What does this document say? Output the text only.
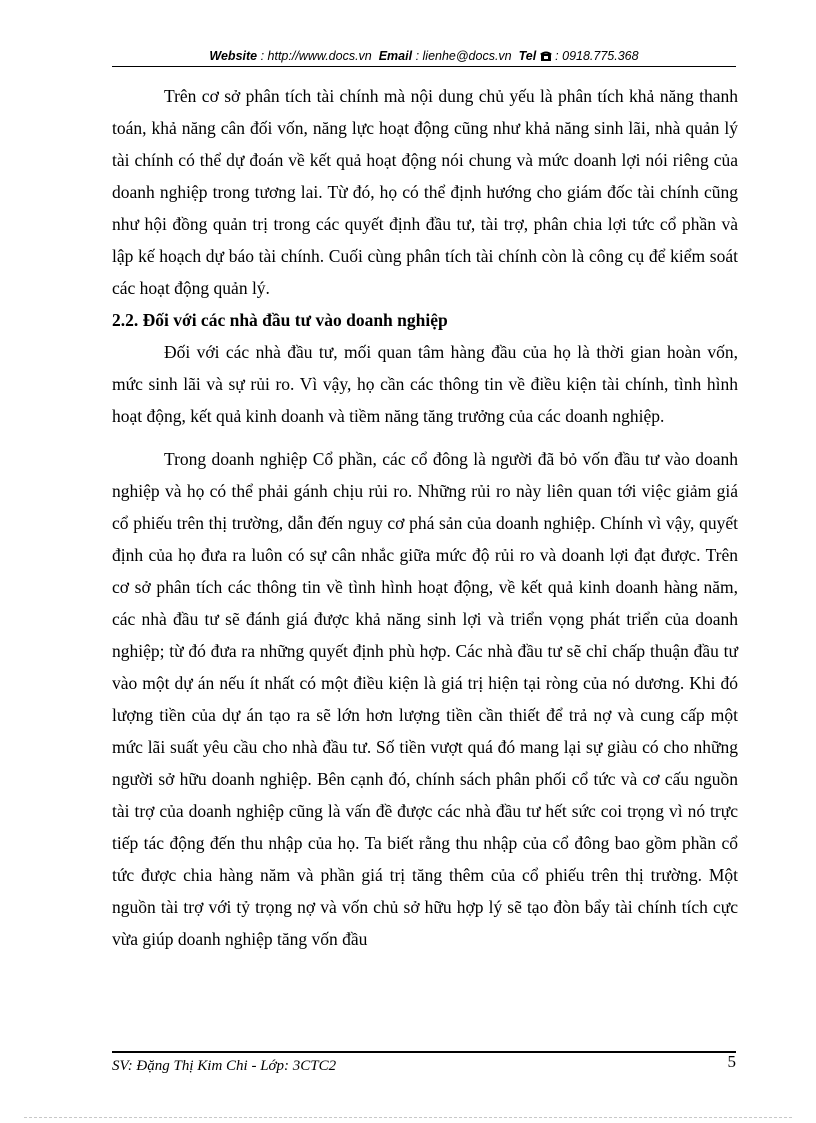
Website : http://www.docs.vn Email : lienhe@docs.vn Tel : 0918.775.368

Trên cơ sở phân tích tài chính mà nội dung chủ yếu là phân tích khả năng thanh toán, khả năng cân đối vốn, năng lực hoạt động cũng như khả năng sinh lãi, nhà quản lý tài chính có thể dự đoán về kết quả hoạt động nói chung và mức doanh lợi nói riêng của doanh nghiệp trong tương lai. Từ đó, họ có thể định hướng cho giám đốc tài chính cũng như hội đồng quản trị trong các quyết định đầu tư, tài trợ, phân chia lợi tức cổ phần và lập kế hoạch dự báo tài chính. Cuối cùng phân tích tài chính còn là công cụ để kiểm soát các hoạt động quản lý.

2.2. Đối với các nhà đầu tư vào doanh nghiệp

Đối với các nhà đầu tư, mối quan tâm hàng đầu của họ là thời gian hoàn vốn, mức sinh lãi và sự rủi ro. Vì vậy, họ cần các thông tin về điều kiện tài chính, tình hình hoạt động, kết quả kinh doanh và tiềm năng tăng trưởng của các doanh nghiệp.

Trong doanh nghiệp Cổ phần, các cổ đông là người đã bỏ vốn đầu tư vào doanh nghiệp và họ có thể phải gánh chịu rủi ro. Những rủi ro này liên quan tới việc giảm giá cổ phiếu trên thị trường, dẫn đến nguy cơ phá sản của doanh nghiệp. Chính vì vậy, quyết định của họ đưa ra luôn có sự cân nhắc giữa mức độ rủi ro và doanh lợi đạt được. Trên cơ sở phân tích các thông tin về tình hình hoạt động, về kết quả kinh doanh hàng năm, các nhà đầu tư sẽ đánh giá được khả năng sinh lợi và triển vọng phát triển của doanh nghiệp; từ đó đưa ra những quyết định phù hợp. Các nhà đầu tư sẽ chỉ chấp thuận đầu tư vào một dự án nếu ít nhất có một điều kiện là giá trị hiện tại ròng của nó dương. Khi đó lượng tiền của dự án tạo ra sẽ lớn hơn lượng tiền cần thiết để trả nợ và cung cấp một mức lãi suất yêu cầu cho nhà đầu tư. Số tiền vượt quá đó mang lại sự giàu có cho những người sở hữu doanh nghiệp. Bên cạnh đó, chính sách phân phối cổ tức và cơ cấu nguồn tài trợ của doanh nghiệp cũng là vấn đề được các nhà đầu tư hết sức coi trọng vì nó trực tiếp tác động đến thu nhập của họ. Ta biết rằng thu nhập của cổ đông bao gồm phần cổ tức được chia hàng năm và phần giá trị tăng thêm của cổ phiếu trên thị trường. Một nguồn tài trợ với tỷ trọng nợ và vốn chủ sở hữu hợp lý sẽ tạo đòn bẩy tài chính tích cực vừa giúp doanh nghiệp tăng vốn đầu

SV: Đặng Thị Kim Chi - Lớp: 3CTC2	5
